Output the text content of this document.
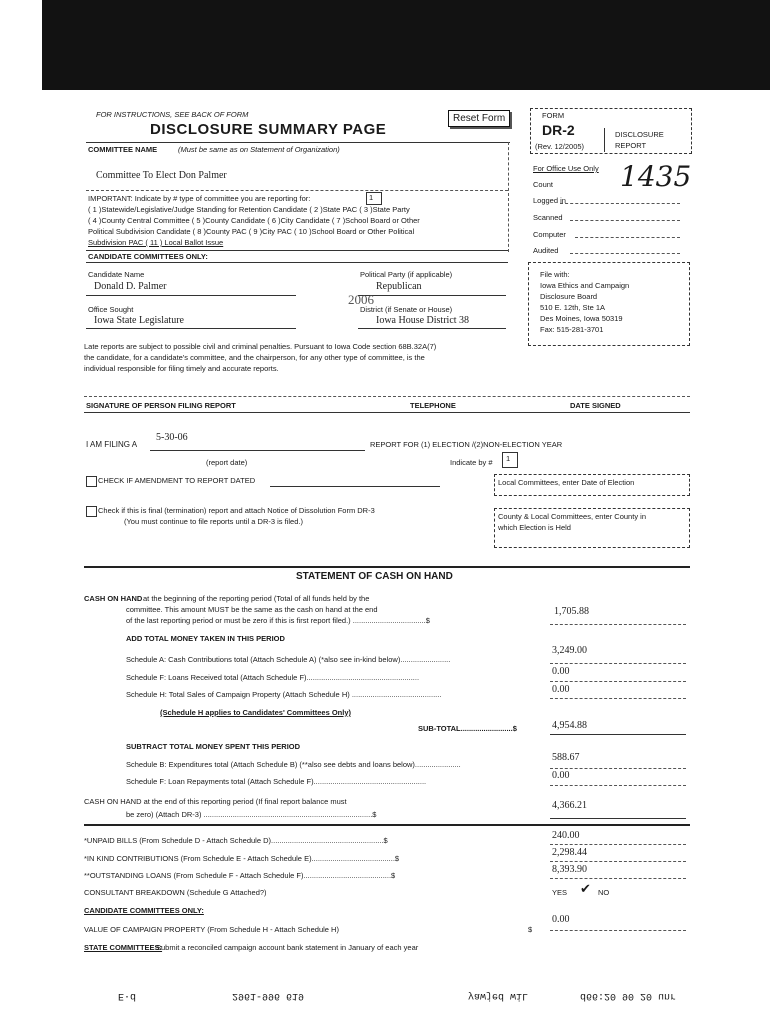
FOR INSTRUCTIONS, SEE BACK OF FORM
DISCLOSURE SUMMARY PAGE
Reset Form	FORM
DR-2
(Rev. 12/2005)
DISCLOSURE
REPORT
COMMITTEE NAME	(Must be same as on Statement of Organization)
Committee To Elect Don Palmer
For Office Use Only
Count
Logged in
Scanned
Computer
Audited
1435
File with:
Iowa Ethics and Campaign
Disclosure Board
510 E. 12th, Ste 1A
Des Moines, Iowa 50319
Fax: 515-281-3701
IMPORTANT: Indicate by # type of committee you are reporting for:	1
( 1 )Statewide/Legislative/Judge Standing for Retention Candidate ( 2 )State PAC ( 3 )State Party
( 4 )County Central Committee ( 5 )County Candidate ( 6 )City Candidate ( 7 )School Board or Other
Political Subdivision Candidate ( 8 )County PAC ( 9 )City PAC ( 10 )School Board or Other Political
Subdivision PAC ( 11 ) Local Ballot Issue
CANDIDATE COMMITTEES ONLY:
Candidate Name
Donald D. Palmer
Political Party (if applicable)
Republican
2006
Office Sought
Iowa State Legislature
District (if Senate or House)
Iowa House District 38
Late reports are subject to possible civil and criminal penalties. Pursuant to Iowa Code section 68B.32A(7)
the candidate, for a candidate's committee, and the chairperson, for any other type of committee, is the
individual responsible for filing timely and accurate reports.
SIGNATURE OF PERSON FILING REPORT	TELEPHONE	DATE SIGNED
I AM FILING A
5-30-06
REPORT FOR (1) ELECTION /(2)NON-ELECTION YEAR
(report date)	Indicate by # 1
CHECK IF AMENDMENT TO REPORT DATED	Local Committees, enter Date of Election
Check if this is final (termination) report and attach Notice of Dissolution Form DR-3
(You must continue to file reports until a DR-3 is filed.)
County & Local Committees, enter County in
which Election is Held
STATEMENT OF CASH ON HAND
CASH ON HAND at the beginning of the reporting period (Total of all funds held by the
committee. This amount MUST be the same as the cash on hand at the end
of the last reporting period or must be zero if this is first report filed.) ...................................$
1,705.88
ADD TOTAL MONEY TAKEN IN THIS PERIOD
Schedule A: Cash Contributions total (Attach Schedule A) (*also see in-kind below)........................
3,249.00
Schedule F: Loans Received total (Attach Schedule F)......................................................
0.00
Schedule H: Total Sales of Campaign Property (Attach Schedule H) ...........................................	0.00
(Schedule H applies to Candidates' Committees Only)
SUB-TOTAL.........................$	4,954.88
SUBTRACT TOTAL MONEY SPENT THIS PERIOD
Schedule B: Expenditures total (Attach Schedule B) (**also see debts and loans below)......................
588.67
Schedule F: Loan Repayments total (Attach Schedule F)......................................................
0.00
CASH ON HAND at the end of this reporting period (If final report balance must
be zero) (Attach DR-3) .................................................................................$
4,366.21
*UNPAID BILLS (From Schedule D - Attach Schedule D)......................................................$	240.00
*IN KIND CONTRIBUTIONS (From Schedule E - Attach Schedule E)........................................$
2,298.44
**OUTSTANDING LOANS (From Schedule F - Attach Schedule F)..........................................$
8,393.90
CONSULTANT BREAKDOWN (Schedule G Attached?)	YES ✔ NO
CANDIDATE COMMITTEES ONLY:
VALUE OF CAMPAIGN PROPERTY (From Schedule H - Attach Schedule H)	$
0.00
STATE COMMITTEES:
Submit a reconciled campaign account bank statement in January of each year
E·d	2961-996 619	yawjed wiL	d66:20 90 20 unr
